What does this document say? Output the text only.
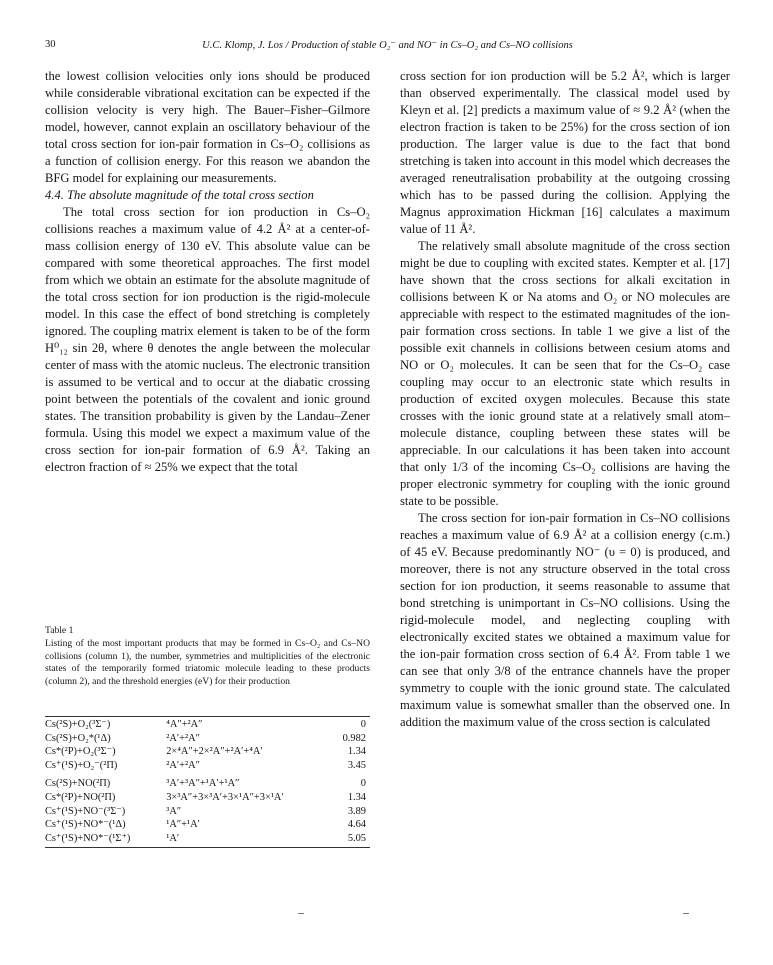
30	U.C. Klomp, J. Los / Production of stable O₂⁻ and NO⁻ in Cs–O₂ and Cs–NO collisions

the lowest collision velocities only ions should be produced while considerable vibrational excitation can be expected if the collision velocity is very high. The Bauer–Fisher–Gilmore model, however, cannot explain an oscillatory behaviour of the total cross section for ion-pair formation in Cs–O₂ collisions as a function of collision energy. For this reason we abandon the BFG model for explaining our measurements.

4.4. The absolute magnitude of the total cross section

The total cross section for ion production in Cs–O₂ collisions reaches a maximum value of 4.2 Å² at a center-of-mass collision energy of 130 eV. This absolute value can be compared with some theoretical approaches. The first model from which we obtain an estimate for the absolute magnitude of the total cross section for ion production is the rigid-molecule model. In this case the effect of bond stretching is completely ignored. The coupling matrix element is taken to be of the form H⁰₁₂ sin 2θ, where θ denotes the angle between the molecular center of mass with the atomic nucleus. The electronic transition is assumed to be vertical and to occur at the diabatic crossing point between the potentials of the covalent and ionic ground states. The transition probability is given by the Landau–Zener formula. Using this model we expect a maximum value of the cross section for ion-pair formation of 6.9 Å². Taking an electron fraction of ≈ 25% we expect that the total

Table 1

Listing of the most important products that may be formed in Cs–O₂ and Cs–NO collisions (column 1), the number, symmetries and multiplicities of the electronic states of the temporarily formed triatomic molecule leading to these products (column 2), and the threshold energies (eV) for their production

Cs(²S)+O₂(³Σ⁻)	⁴A″+²A″	0
Cs(²S)+O₂*(¹Δ)	²A′+²A″	0.982
Cs*(²P)+O₂(³Σ⁻)	2×⁴A″+2×²A″+²A′+⁴A′	1.34
Cs⁺(¹S)+O₂⁻(²Π)	²A′+²A″	3.45
Cs(²S)+NO(²Π)	³A′+³A″+¹A′+¹A″	0
Cs*(²P)+NO(²Π)	3×³A″+3×³A′+3×¹A″+3×¹A′	1.34
Cs⁺(¹S)+NO⁻(³Σ⁻)	³A″	3.89
Cs⁺(¹S)+NO*⁻(¹Δ)	¹A″+¹A′	4.64
Cs⁺(¹S)+NO*⁻(¹Σ⁺)	¹A′	5.05

cross section for ion production will be 5.2 Å², which is larger than observed experimentally. The classical model used by Kleyn et al. [2] predicts a maximum value of ≈ 9.2 Å² (when the electron fraction is taken to be 25%) for the cross section of ion production. The larger value is due to the fact that bond stretching is taken into account in this model which decreases the averaged reneutralisation probability at the outgoing crossing which has to be passed during the collision. Applying the Magnus approximation Hickman [16] calculates a maximum value of 11 Å².

The relatively small absolute magnitude of the cross section might be due to coupling with excited states. Kempter et al. [17] have shown that the cross sections for alkali excitation in collisions between K or Na atoms and O₂ or NO molecules are appreciable with respect to the estimated magnitudes of the ion-pair formation cross sections. In table 1 we give a list of the possible exit channels in collisions between cesium atoms and NO or O₂ molecules. It can be seen that for the Cs–O₂ case coupling may occur to an electronic state which results in production of excited oxygen molecules. Because this state crosses with the ionic ground state at a relatively small atom–molecule distance, coupling between these states will be appreciable. In our calculations it has been taken into account that only 1/3 of the incoming Cs–O₂ collisions are having the proper electronic symmetry for coupling with the ionic ground state to be possible.

The cross section for ion-pair formation in Cs–NO collisions reaches a maximum value of 6.9 Å² at a collision energy (c.m.) of 45 eV. Because predominantly NO⁻ (υ = 0) is produced, and moreover, there is not any structure observed in the total cross section for ion production, it seems reasonable to assume that bond stretching is unimportant in Cs–NO collisions. Using the rigid-molecule model, and neglecting coupling with electronically excited states we obtained a maximum value for the ion-pair formation cross section of 6.4 Å². From table 1 we can see that only 3/8 of the entrance channels have the proper symmetry to couple with the ionic ground state. The calculated maximum value is somewhat smaller than the observed one. In addition the maximum value of the cross section is calculated
